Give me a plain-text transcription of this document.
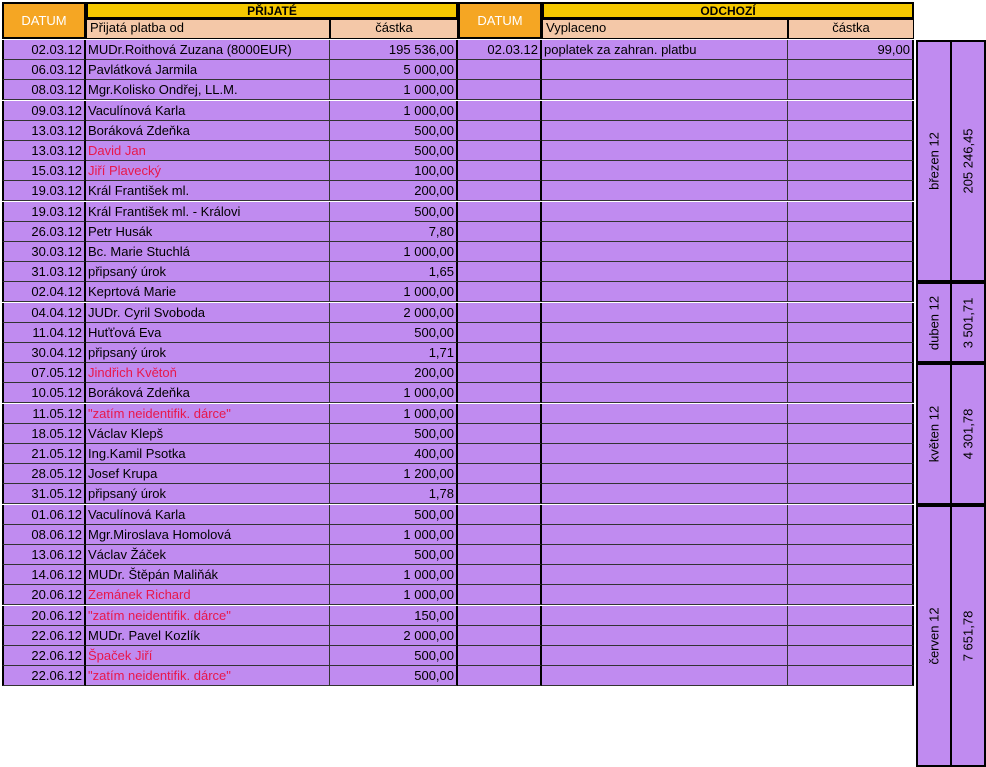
DATUM
PŘIJATÉ
Přijatá platba od	částka	DATUM
ODCHOZÍ
Vyplaceno	částka
02.03.12 MUDr.Roithová Zuzana (8000EUR)	195 536,00	02.03.12 poplatek za zahran. platbu	99,00
06.03.12 Pavlátková Jarmila	5 000,00
08.03.12 Mgr.Kolisko Ondřej, LL.M.	1 000,00
09.03.12 Vaculínová Karla	1 000,00
13.03.12 Boráková Zdeňka	500,00
13.03.12 David Jan	500,00
15.03.12 Jiří Plavecký	100,00
19.03.12 Král František ml.	200,00
19.03.12 Král František ml. - Královi	500,00
26.03.12 Petr Husák	7,80
30.03.12 Bc. Marie Stuchlá	1 000,00
31.03.12 připsaný úrok	1,65
02.04.12 Keprtová Marie	1 000,00
04.04.12 JUDr. Cyril Svoboda	2 000,00
11.04.12 Huťťová Eva	500,00
30.04.12 připsaný úrok	1,71
07.05.12 Jindřich Květoň	200,00
10.05.12 Boráková Zdeňka	1 000,00
11.05.12 "zatím neidentifik. dárce"	1 000,00
18.05.12 Václav Klepš	500,00
21.05.12 Ing.Kamil Psotka	400,00
28.05.12 Josef Krupa	1 200,00
31.05.12 připsaný úrok	1,78
01.06.12 Vaculínová Karla	500,00
08.06.12 Mgr.Miroslava Homolová	1 000,00
13.06.12 Václav Žáček	500,00
14.06.12 MUDr. Štěpán Maliňák	1 000,00
20.06.12 Zemánek Richard	1 000,00
20.06.12 "zatím neidentifik. dárce"	150,00
22.06.12 MUDr. Pavel Kozlík	2 000,00
22.06.12 Špaček Jiří	500,00
22.06.12 "zatím neidentifik. dárce"	500,00
březen 12 205 246,45
duben 12 3 501,71
květen 12 4 301,78
červen 12 7 651,78
